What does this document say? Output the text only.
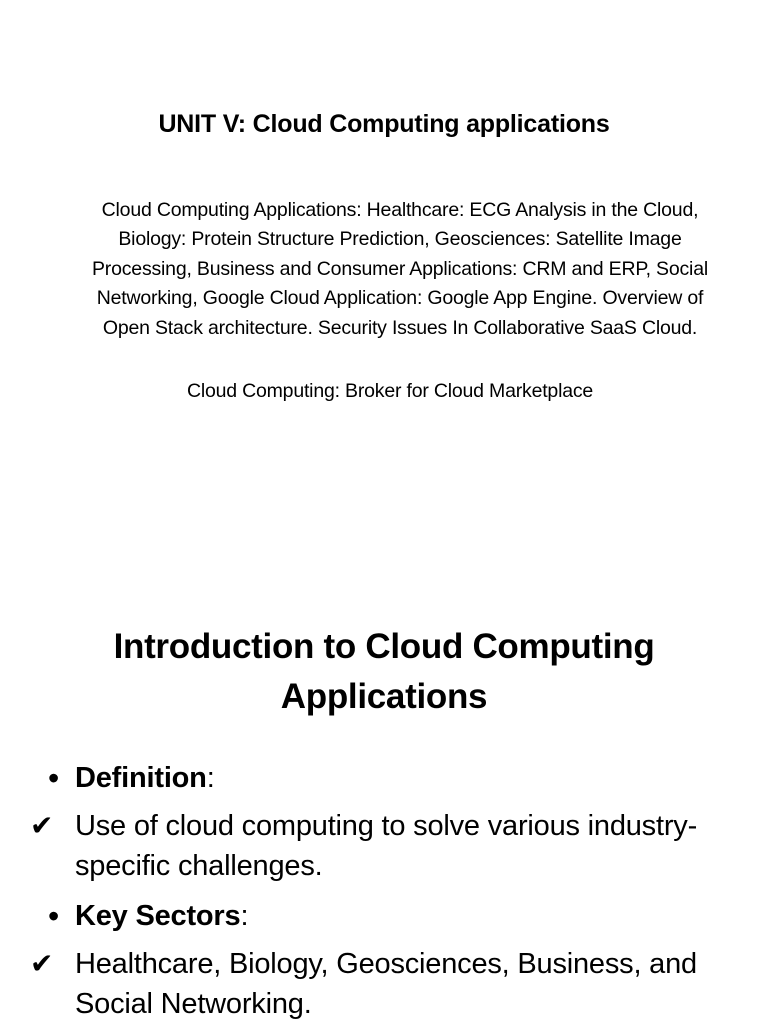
UNIT V: Cloud Computing applications
Cloud Computing Applications: Healthcare: ECG Analysis in the Cloud, Biology: Protein Structure Prediction, Geosciences: Satellite Image Processing, Business and Consumer Applications: CRM and ERP, Social Networking, Google Cloud Application: Google App Engine. Overview of Open Stack architecture. Security Issues In Collaborative SaaS Cloud.
Cloud Computing: Broker for Cloud Marketplace
Introduction to Cloud Computing Applications
• Definition:
✔ Use of cloud computing to solve various industry-specific challenges.
• Key Sectors:
✔ Healthcare, Biology, Geosciences, Business, and Social Networking.
